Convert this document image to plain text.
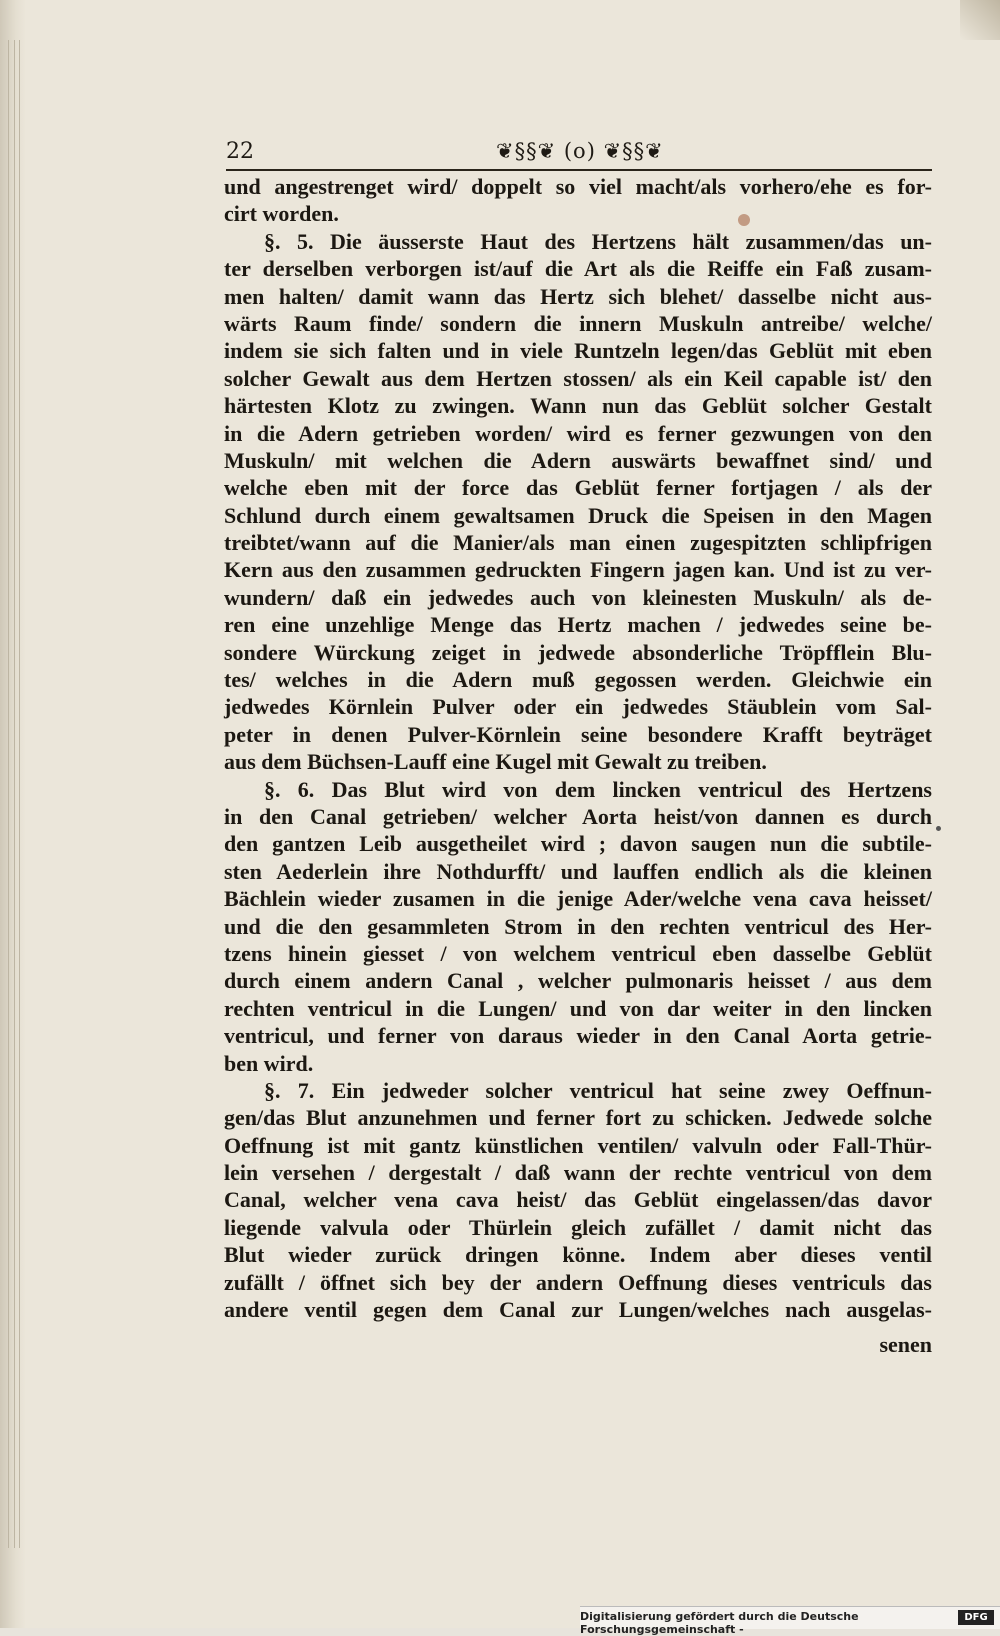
22	❦§§❦ (o) ❦§§❦
und angestrenget wird/ doppelt so viel macht/als vorhero/ehe es for-
cirt worden.
§. 5. Die äusserste Haut des Hertzens hält zusammen/das un-
ter derselben verborgen ist/auf die Art als die Reiffe ein Faß zusam-
men halten/ damit wann das Hertz sich blehet/ dasselbe nicht aus-
wärts Raum finde/ sondern die innern Muskuln antreibe/ welche/
indem sie sich falten und in viele Runtzeln legen/das Geblüt mit eben
solcher Gewalt aus dem Hertzen stossen/ als ein Keil capable ist/ den
härtesten Klotz zu zwingen. Wann nun das Geblüt solcher Gestalt
in die Adern getrieben worden/ wird es ferner gezwungen von den
Muskuln/ mit welchen die Adern auswärts bewaffnet sind/ und
welche eben mit der force das Geblüt ferner fortjagen / als der
Schlund durch einem gewaltsamen Druck die Speisen in den Magen
treibtet/wann auf die Manier/als man einen zugespitzten schlipfrigen
Kern aus den zusammen gedruckten Fingern jagen kan. Und ist zu ver-
wundern/ daß ein jedwedes auch von kleinesten Muskuln/ als de-
ren eine unzehlige Menge das Hertz machen / jedwedes seine be-
sondere Würckung zeiget in jedwede absonderliche Tröpfflein Blu-
tes/ welches in die Adern muß gegossen werden. Gleichwie ein
jedwedes Körnlein Pulver oder ein jedwedes Stäublein vom Sal-
peter in denen Pulver-Körnlein seine besondere Krafft beyträget
aus dem Büchsen-Lauff eine Kugel mit Gewalt zu treiben.
§. 6. Das Blut wird von dem lincken ventricul des Hertzens
in den Canal getrieben/ welcher Aorta heist/von dannen es durch
den gantzen Leib ausgetheilet wird ; davon saugen nun die subtile-
sten Aederlein ihre Nothdurfft/ und lauffen endlich als die kleinen
Bächlein wieder zusamen in die jenige Ader/welche vena cava heisset/
und die den gesammleten Strom in den rechten ventricul des Her-
tzens hinein giesset / von welchem ventricul eben dasselbe Geblüt
durch einem andern Canal , welcher pulmonaris heisset / aus dem
rechten ventricul in die Lungen/ und von dar weiter in den lincken
ventricul, und ferner von daraus wieder in den Canal Aorta getrie-
ben wird.
§. 7. Ein jedweder solcher ventricul hat seine zwey Oeffnun-
gen/das Blut anzunehmen und ferner fort zu schicken. Jedwede solche
Oeffnung ist mit gantz künstlichen ventilen/ valvuln oder Fall-Thür-
lein versehen / dergestalt / daß wann der rechte ventricul von dem
Canal, welcher vena cava heist/ das Geblüt eingelassen/das davor
liegende valvula oder Thürlein gleich zufället / damit nicht das
Blut wieder zurück dringen könne. Indem aber dieses ventil
zufällt / öffnet sich bey der andern Oeffnung dieses ventriculs das
andere ventil gegen dem Canal zur Lungen/welches nach ausgelas-
senen
Digitalisierung gefördert durch die Deutsche Forschungsgemeinschaft -
DFG
